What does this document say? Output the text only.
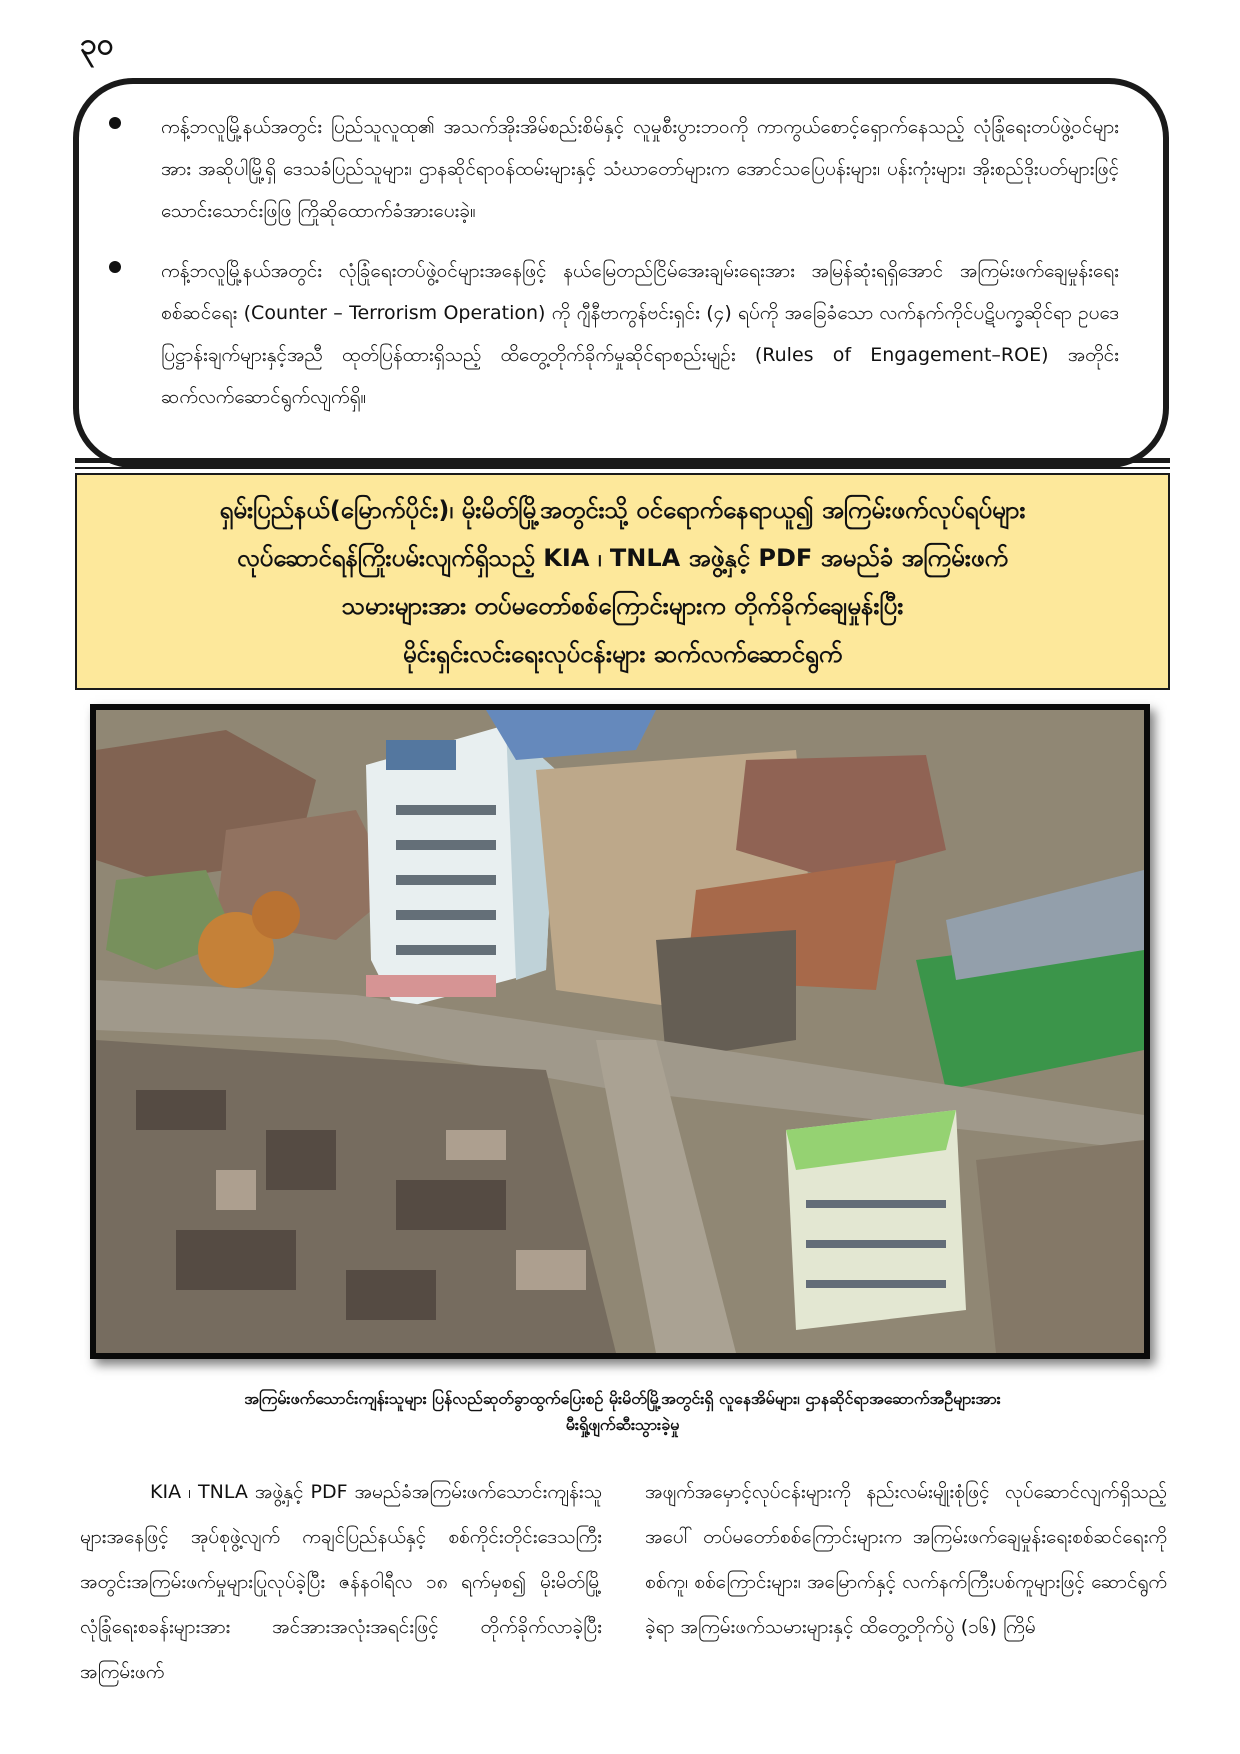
၃၀
ကန့်ဘလူမြို့နယ်အတွင်း ပြည်သူလူထု၏ အသက်အိုးအိမ်စည်းစိမ်နှင့် လူမှုစီးပွားဘဝကို ကာကွယ်စောင့်ရှောက်နေသည့် လုံခြုံရေးတပ်ဖွဲ့ဝင်များအား အဆိုပါမြို့ရှိ ဒေသခံပြည်သူများ၊ ဌာနဆိုင်ရာဝန်ထမ်းများနှင့် သံဃာတော်များက အောင်သပြေပန်းများ၊ ပန်းကုံးများ၊ အိုးစည်ဒိုးပတ်များဖြင့် သောင်းသောင်းဖြဖြ ကြိုဆိုထောက်ခံအားပေးခဲ့။
ကန့်ဘလူမြို့နယ်အတွင်း လုံခြုံရေးတပ်ဖွဲ့ဝင်များအနေဖြင့် နယ်မြေတည်ငြိမ်အေးချမ်းရေးအား အမြန်ဆုံးရရှိအောင် အကြမ်းဖက်ချေမှုန်းရေးစစ်ဆင်ရေး (Counter – Terrorism Operation) ကို ဂျီနီဗာကွန်ဗင်းရှင်း (၄) ရပ်ကို အခြေခံသော လက်နက်ကိုင်ပဋိပက္ခဆိုင်ရာ ဥပဒေပြဋ္ဌာန်းချက်များနှင့်အညီ ထုတ်ပြန်ထားရှိသည့် ထိတွေ့တိုက်ခိုက်မှုဆိုင်ရာစည်းမျဉ်း (Rules of Engagement–ROE) အတိုင်း ဆက်လက်ဆောင်ရွက်လျက်ရှိ။
ရှမ်းပြည်နယ်(မြောက်ပိုင်း)၊ မိုးမိတ်မြို့အတွင်းသို့ ဝင်ရောက်နေရာယူ၍ အကြမ်းဖက်လုပ်ရပ်များ
လုပ်ဆောင်ရန်ကြိုးပမ်းလျက်ရှိသည့် KIA ၊ TNLA အဖွဲ့နှင့် PDF အမည်ခံ အကြမ်းဖက်
သမားများအား တပ်မတော်စစ်ကြောင်းများက တိုက်ခိုက်ချေမှုန်းပြီး
မိုင်းရှင်းလင်းရေးလုပ်ငန်းများ ဆက်လက်ဆောင်ရွက်
အကြမ်းဖက်သောင်းကျန်းသူများ ပြန်လည်ဆုတ်ခွာထွက်ပြေးစဉ် မိုးမိတ်မြို့အတွင်းရှိ လူနေအိမ်များ၊ ဌာနဆိုင်ရာအဆောက်အဦများအား
မီးရှို့ဖျက်ဆီးသွားခဲ့မှု
KIA ၊ TNLA အဖွဲ့နှင့် PDF အမည်ခံအကြမ်းဖက်သောင်းကျန်းသူများအနေဖြင့် အုပ်စုဖွဲ့လျက် ကချင်ပြည်နယ်နှင့် စစ်ကိုင်းတိုင်းဒေသကြီးအတွင်းအကြမ်းဖက်မှုများပြုလုပ်ခဲ့ပြီး ဇန်နဝါရီလ ၁၈ ရက်မှစ၍ မိုးမိတ်မြို့ လုံခြုံရေးစခန်းများအား အင်အားအလုံးအရင်းဖြင့် တိုက်ခိုက်လာခဲ့ပြီး အကြမ်းဖက်
အဖျက်အမှောင့်လုပ်ငန်းများကို နည်းလမ်းမျိုးစုံဖြင့် လုပ်ဆောင်လျက်ရှိသည့်အပေါ် တပ်မတော်စစ်ကြောင်းများက အကြမ်းဖက်ချေမှုန်းရေးစစ်ဆင်ရေးကို စစ်ကူ၊ စစ်ကြောင်းများ၊ အမြောက်နှင့် လက်နက်ကြီးပစ်ကူများဖြင့် ဆောင်ရွက်ခဲ့ရာ အကြမ်းဖက်သမားများနှင့် ထိတွေ့တိုက်ပွဲ (၁၆) ကြိမ်
